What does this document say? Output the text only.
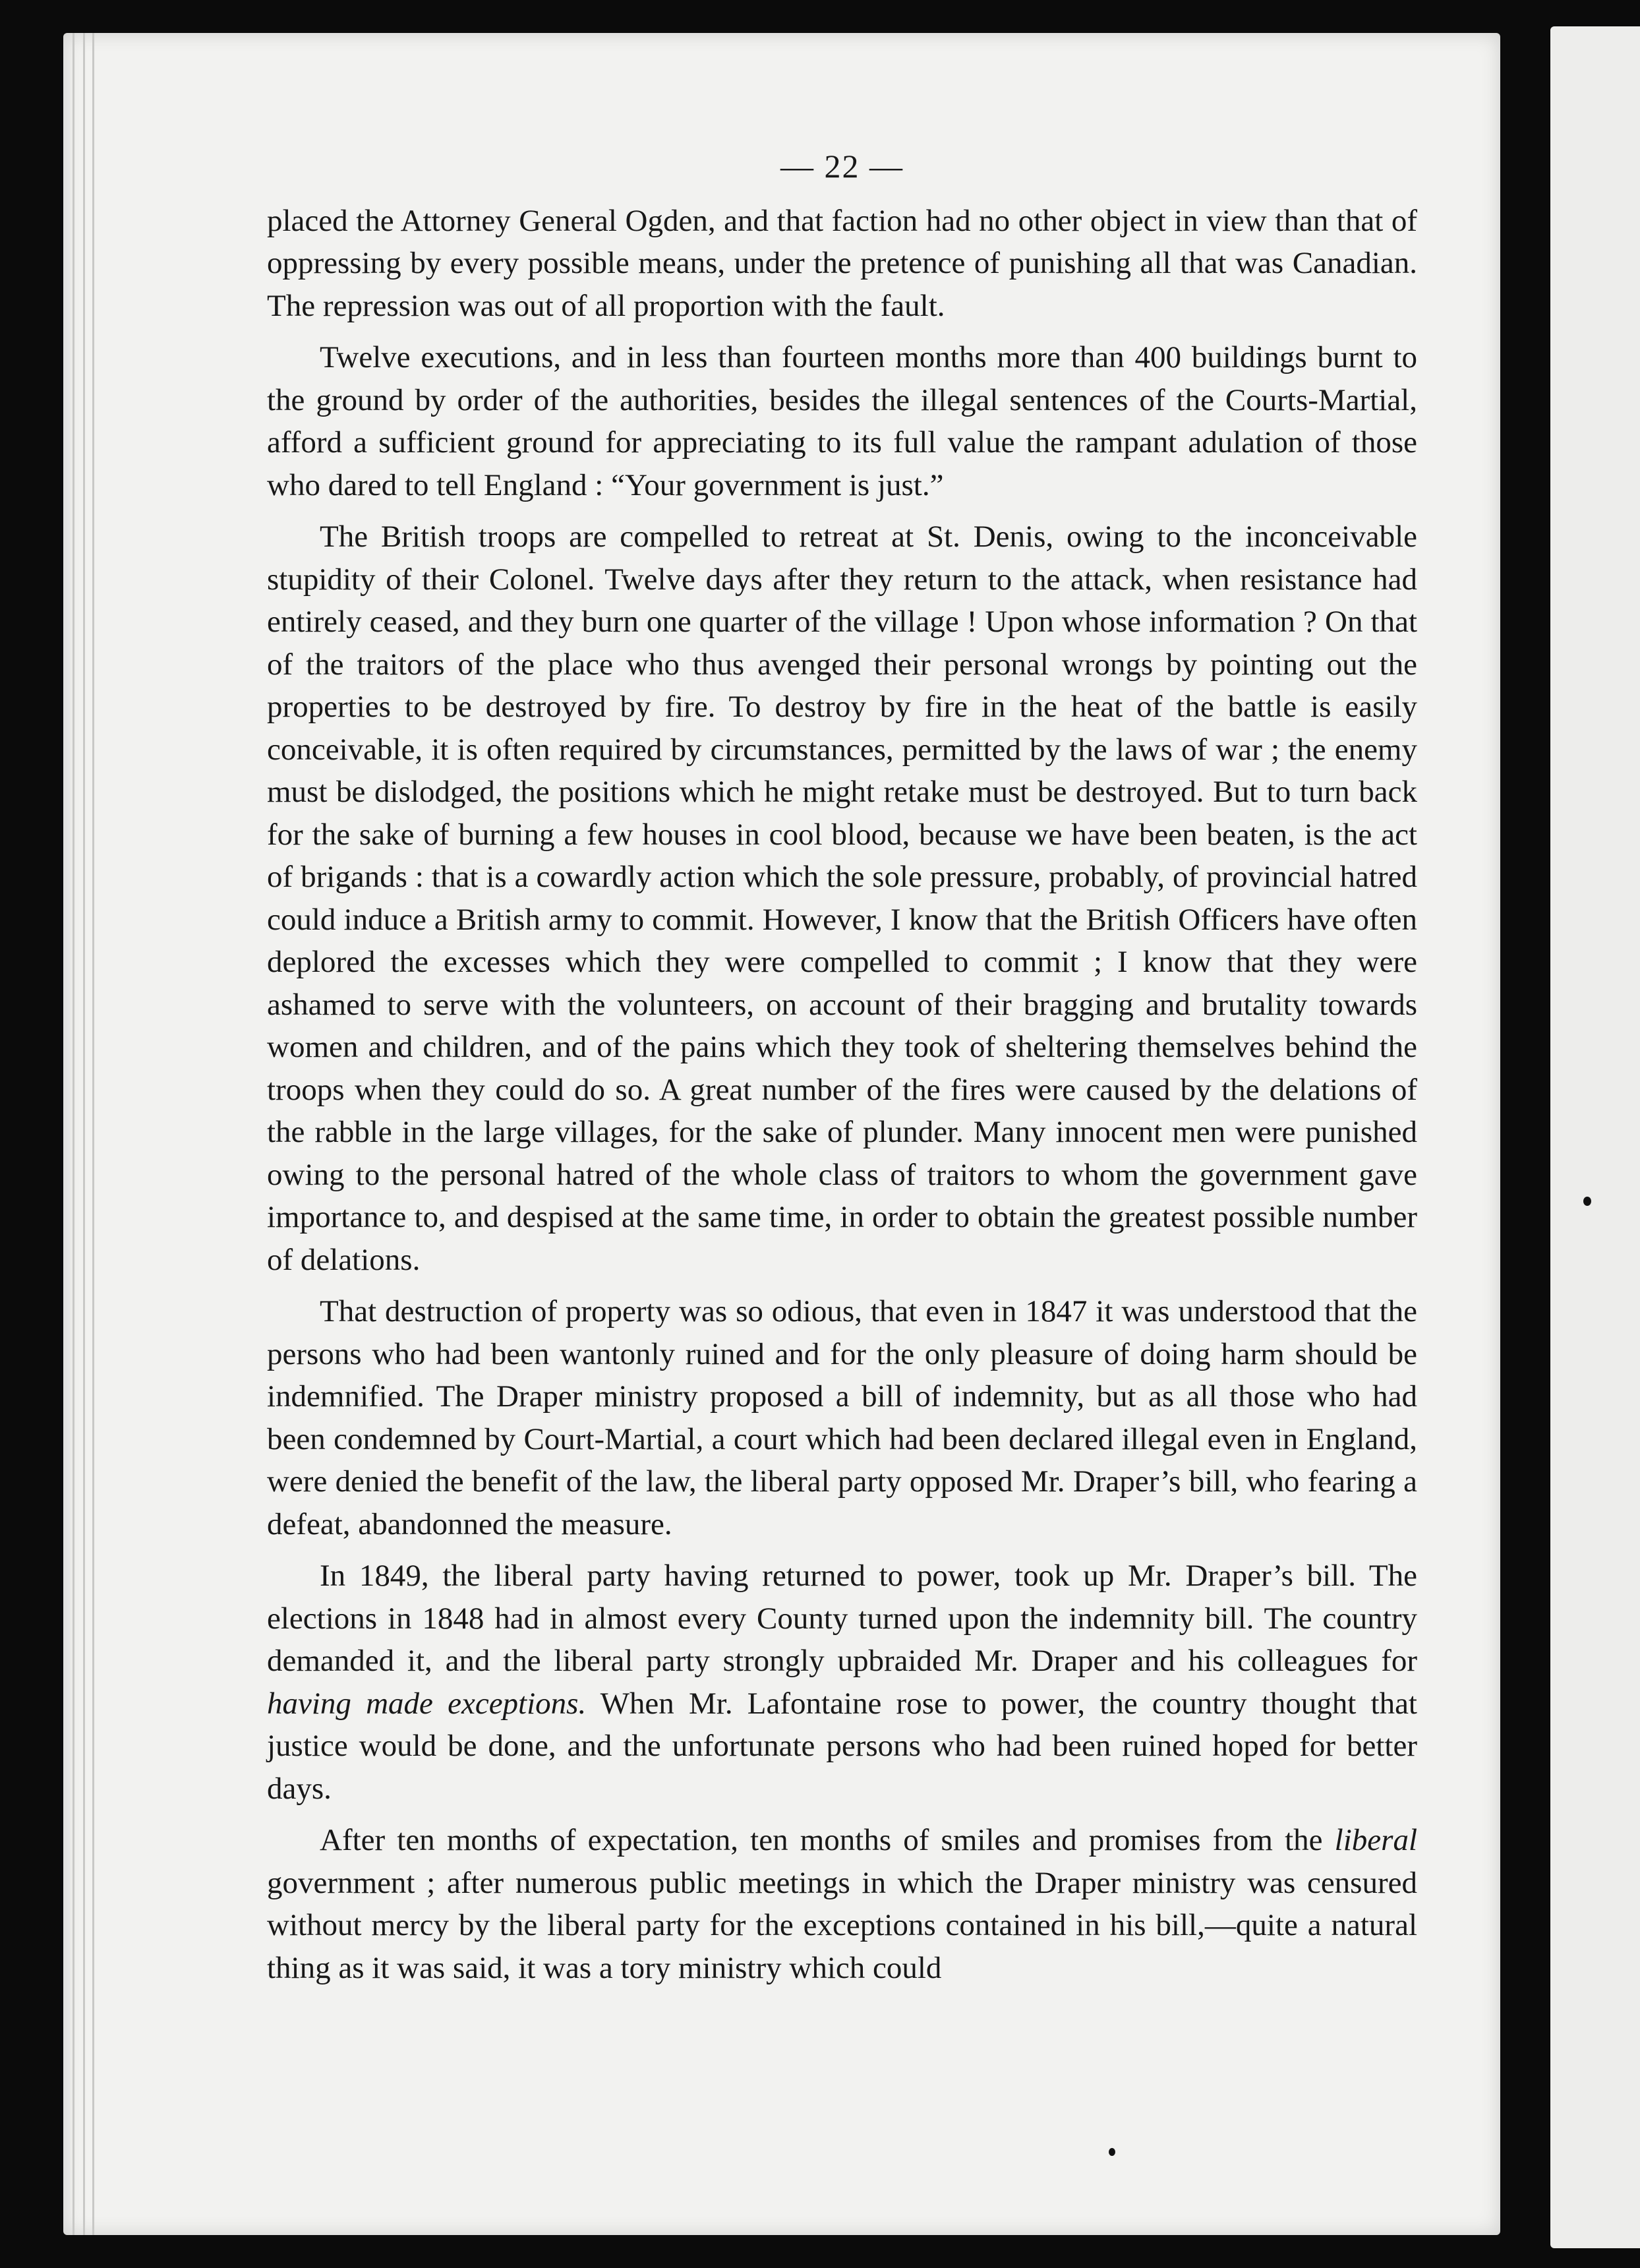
— 22 —

placed the Attorney General Ogden, and that faction had no other object in view than that of oppressing by every possible means, under the pretence of punishing all that was Canadian. The repression was out of all proportion with the fault.

Twelve executions, and in less than fourteen months more than 400 buildings burnt to the ground by order of the authorities, besides the illegal sentences of the Courts-Martial, afford a sufficient ground for appreciating to its full value the rampant adulation of those who dared to tell England : “Your government is just.”

The British troops are compelled to retreat at St. Denis, owing to the inconceivable stupidity of their Colonel. Twelve days after they return to the attack, when resistance had entirely ceased, and they burn one quarter of the village ! Upon whose information ? On that of the traitors of the place who thus avenged their personal wrongs by pointing out the properties to be destroyed by fire. To destroy by fire in the heat of the battle is easily conceivable, it is often required by circumstances, permitted by the laws of war ; the enemy must be dislodged, the positions which he might retake must be destroyed. But to turn back for the sake of burning a few houses in cool blood, because we have been beaten, is the act of brigands : that is a cowardly action which the sole pressure, probably, of provincial hatred could induce a British army to commit. However, I know that the British Officers have often deplored the excesses which they were compelled to commit ; I know that they were ashamed to serve with the volunteers, on account of their bragging and brutality towards women and children, and of the pains which they took of sheltering themselves behind the troops when they could do so. A great number of the fires were caused by the delations of the rabble in the large villages, for the sake of plunder. Many innocent men were punished owing to the personal hatred of the whole class of traitors to whom the government gave importance to, and despised at the same time, in order to obtain the greatest possible number of delations.

That destruction of property was so odious, that even in 1847 it was understood that the persons who had been wantonly ruined and for the only pleasure of doing harm should be indemnified. The Draper ministry proposed a bill of indemnity, but as all those who had been condemned by Court-Martial, a court which had been declared illegal even in England, were denied the benefit of the law, the liberal party opposed Mr. Draper’s bill, who fearing a defeat, abandonned the measure.

In 1849, the liberal party having returned to power, took up Mr. Draper’s bill. The elections in 1848 had in almost every County turned upon the indemnity bill. The country demanded it, and the liberal party strongly upbraided Mr. Draper and his colleagues for having made exceptions. When Mr. Lafontaine rose to power, the country thought that justice would be done, and the unfortunate persons who had been ruined hoped for better days.

After ten months of expectation, ten months of smiles and promises from the liberal government ; after numerous public meetings in which the Draper ministry was censured without mercy by the liberal party for the exceptions contained in his bill,—quite a natural thing as it was said, it was a tory ministry which could
